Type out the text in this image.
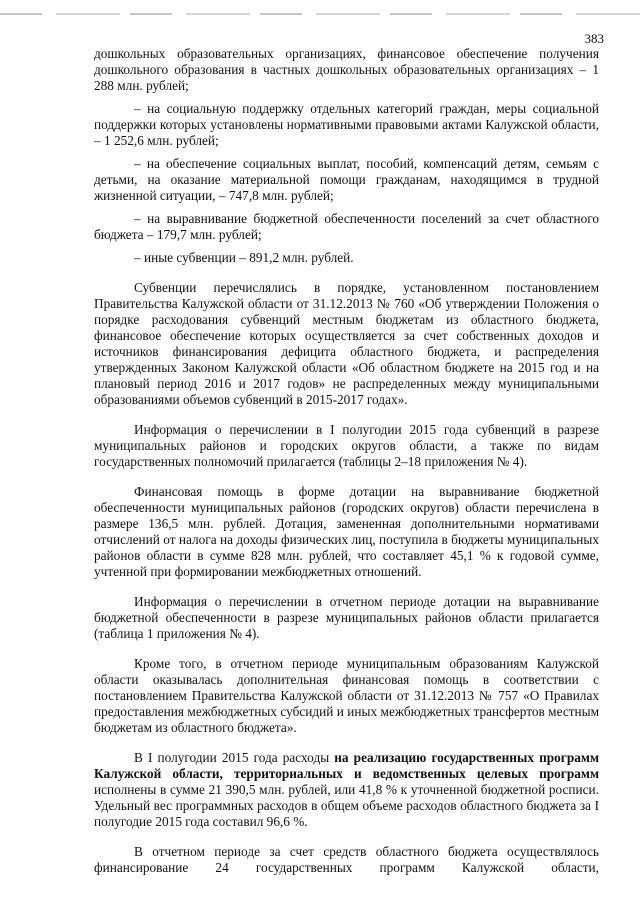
383

дошкольных образовательных организациях, финансовое обеспечение получения дошкольного образования в частных дошкольных образовательных организациях – 1 288 млн. рублей;

– на социальную поддержку отдельных категорий граждан, меры социальной поддержки которых установлены нормативными правовыми актами Калужской области, – 1 252,6 млн. рублей;

– на обеспечение социальных выплат, пособий, компенсаций детям, семьям с детьми, на оказание материальной помощи гражданам, находящимся в трудной жизненной ситуации, – 747,8 млн. рублей;

– на выравнивание бюджетной обеспеченности поселений за счет областного бюджета – 179,7 млн. рублей;

– иные субвенции – 891,2 млн. рублей.

Субвенции перечислялись в порядке, установленном постановлением Правительства Калужской области от 31.12.2013 № 760 «Об утверждении Положения о порядке расходования субвенций местным бюджетам из областного бюджета, финансовое обеспечение которых осуществляется за счет собственных доходов и источников финансирования дефицита областного бюджета, и распределения утвержденных Законом Калужской области «Об областном бюджете на 2015 год и на плановый период 2016 и 2017 годов» не распределенных между муниципальными образованиями объемов субвенций в 2015-2017 годах».

Информация о перечислении в I полугодии 2015 года субвенций в разрезе муниципальных районов и городских округов области, а также по видам государственных полномочий прилагается (таблицы 2–18 приложения № 4).

Финансовая помощь в форме дотации на выравнивание бюджетной обеспеченности муниципальных районов (городских округов) области перечислена в размере 136,5 млн. рублей. Дотация, замененная дополнительными нормативами отчислений от налога на доходы физических лиц, поступила в бюджеты муниципальных районов области в сумме 828 млн. рублей, что составляет 45,1 % к годовой сумме, учтенной при формировании межбюджетных отношений.

Информация о перечислении в отчетном периоде дотации на выравнивание бюджетной обеспеченности в разрезе муниципальных районов области прилагается (таблица 1 приложения № 4).

Кроме того, в отчетном периоде муниципальным образованиям Калужской области оказывалась дополнительная финансовая помощь в соответствии с постановлением Правительства Калужской области от 31.12.2013 № 757 «О Правилах предоставления межбюджетных субсидий и иных межбюджетных трансфертов местным бюджетам из областного бюджета».

В I полугодии 2015 года расходы на реализацию государственных программ Калужской области, территориальных и ведомственных целевых программ исполнены в сумме 21 390,5 млн. рублей, или 41,8 % к уточненной бюджетной росписи. Удельный вес программных расходов в общем объеме расходов областного бюджета за I полугодие 2015 года составил 96,6 %.

В отчетном периоде за счет средств областного бюджета осуществлялось финансирование 24 государственных программ Калужской области,
